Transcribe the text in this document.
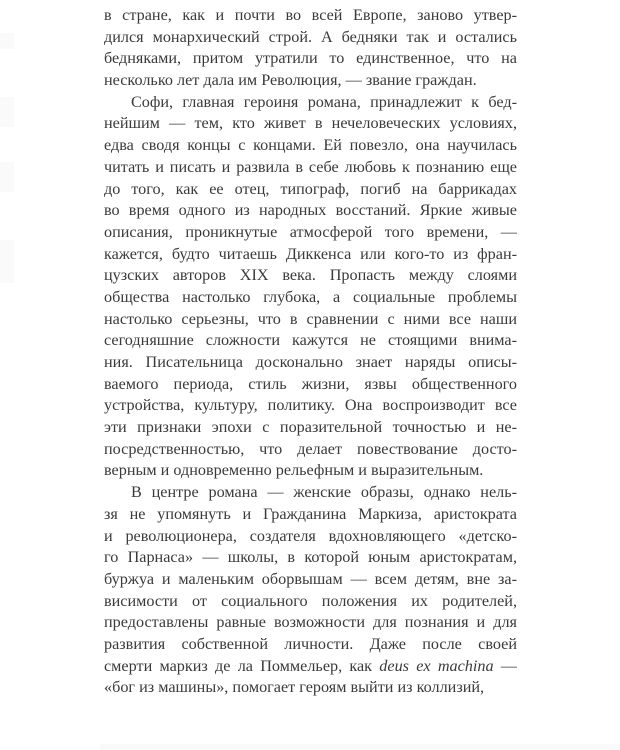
в стране, как и почти во всей Европе, заново утвер-
дился монархический строй. А бедняки так и остались
бедняками, притом утратили то единственное, что на
несколько лет дала им Революция, — звание граждан.
Софи, главная героиня романа, принадлежит к бед-
нейшим — тем, кто живет в нечеловеческих условиях,
едва сводя концы с концами. Ей повезло, она научилась
читать и писать и развила в себе любовь к познанию еще
до того, как ее отец, типограф, погиб на баррикадах
во время одного из народных восстаний. Яркие живые
описания, проникнутые атмосферой того времени, —
кажется, будто читаешь Диккенса или кого-то из фран-
цузских авторов XIX века. Пропасть между слоями
общества настолько глубока, а социальные проблемы
настолько серьезны, что в сравнении с ними все наши
сегодняшние сложности кажутся не стоящими внима-
ния. Писательница досконально знает наряды описы-
ваемого периода, стиль жизни, язвы общественного
устройства, культуру, политику. Она воспроизводит все
эти признаки эпохи с поразительной точностью и не-
посредственностью, что делает повествование досто-
верным и одновременно рельефным и выразительным.
В центре романа — женские образы, однако нель-
зя не упомянуть и Гражданина Маркиза, аристократа
и революционера, создателя вдохновляющего «детско-
го Парнаса» — школы, в которой юным аристократам,
буржуа и маленьким оборвышам — всем детям, вне за-
висимости от социального положения их родителей,
предоставлены равные возможности для познания и для
развития собственной личности. Даже после своей
смерти маркиз де ла Поммельер, как deus ex machina —
«бог из машины», помогает героям выйти из коллизий,
